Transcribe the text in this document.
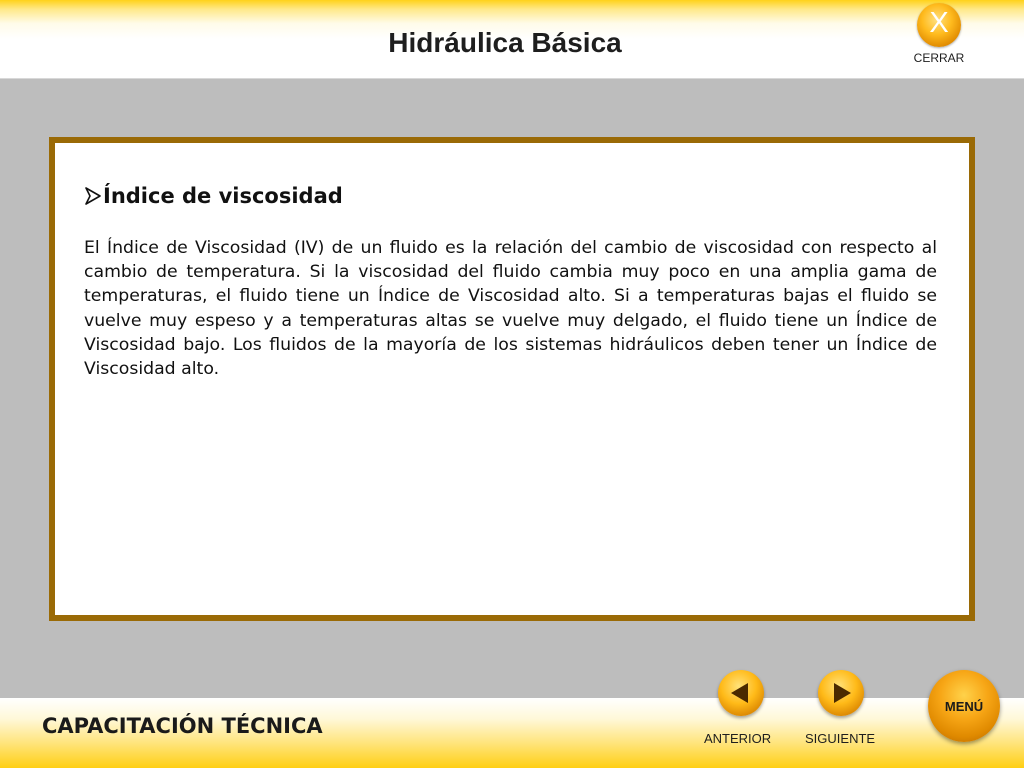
Hidráulica Básica
X
CERRAR
Índice de viscosidad

El Índice de Viscosidad (IV) de un fluido es la relación del cambio de viscosidad con respecto al cambio de temperatura. Si la viscosidad del fluido cambia muy poco en una amplia gama de temperaturas, el fluido tiene un Índice de Viscosidad alto. Si a temperaturas bajas el fluido se vuelve muy espeso y a temperaturas altas se vuelve muy delgado, el fluido tiene un Índice de Viscosidad bajo. Los fluidos de la mayoría de los sistemas hidráulicos deben tener un Índice de Viscosidad alto.

CAPACITACIÓN TÉCNICA
ANTERIOR	SIGUIENTE
MENÚ
